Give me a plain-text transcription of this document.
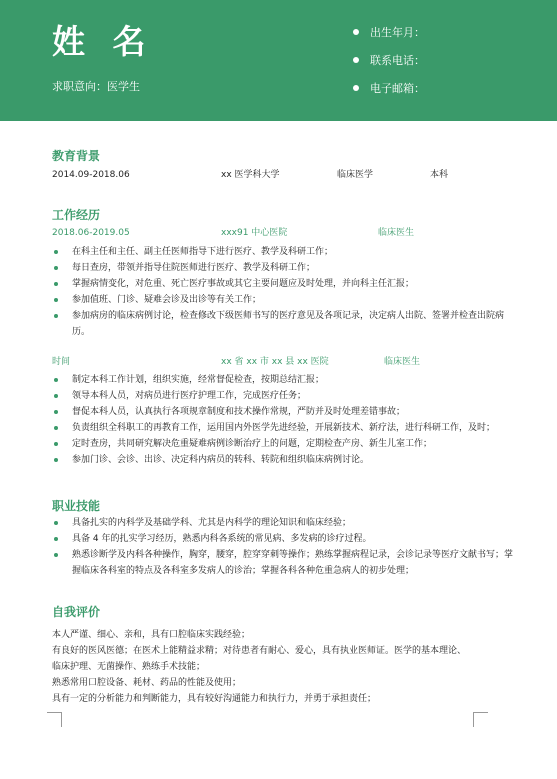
姓 名
求职意向：医学生
出生年月：
联系电话：
电子邮箱：
教育背景
2014.09-2018.06	xx 医学科大学	临床医学	本科
工作经历
2018.06-2019.05	xxx91 中心医院	临床医生
在科主任和主任、副主任医师指导下进行医疗、教学及科研工作；
每日查房，带领并指导住院医师进行医疗、教学及科研工作；
掌握病情变化，对危重、死亡医疗事故或其它主要问题应及时处理，并向科主任汇报；
参加值班、门诊、疑难会诊及出诊等有关工作；
参加病房的临床病例讨论，检查修改下级医师书写的医疗意见及各项记录，决定病人出院、签署并检查出院病历。
时间	xx 省 xx 市 xx 县 xx 医院	临床医生
制定本科工作计划，组织实施，经常督促检查，按期总结汇报；
领导本科人员，对病员进行医疗护理工作，完成医疗任务；
督促本科人员，认真执行各项规章制度和技术操作常规，严防并及时处理差错事故；
负责组织全科职工的再教育工作，运用国内外医学先进经验，开展新技术、新疗法，进行科研工作，及时；
定时查房，共同研究解决危重疑难病例诊断治疗上的问题，定期检查产房、新生儿室工作；
参加门诊、会诊、出诊、决定科内病员的转科、转院和组织临床病例讨论。
职业技能
具备扎实的内科学及基础学科、尤其是内科学的理论知识和临床经验；
具备 4 年的扎实学习经历，熟悉内科各系统的常见病、多发病的诊疗过程。
熟悉诊断学及内科各种操作，胸穿，腰穿，腔穿穿刺等操作；熟练掌握病程记录，会诊记录等医疗文献书写；掌握临床各科室的特点及各科室多发病人的诊治；掌握各科各种危重急病人的初步处理；
自我评价
本人严谨、细心、亲和，具有口腔临床实践经验；
有良好的医风医德；在医术上能精益求精；对待患者有耐心、爱心，具有执业医师证。医学的基本理论、
临床护理、无菌操作、熟练手术技能；
熟悉常用口腔设备、耗材、药品的性能及使用；
具有一定的分析能力和判断能力，具有较好沟通能力和执行力，并勇于承担责任；
